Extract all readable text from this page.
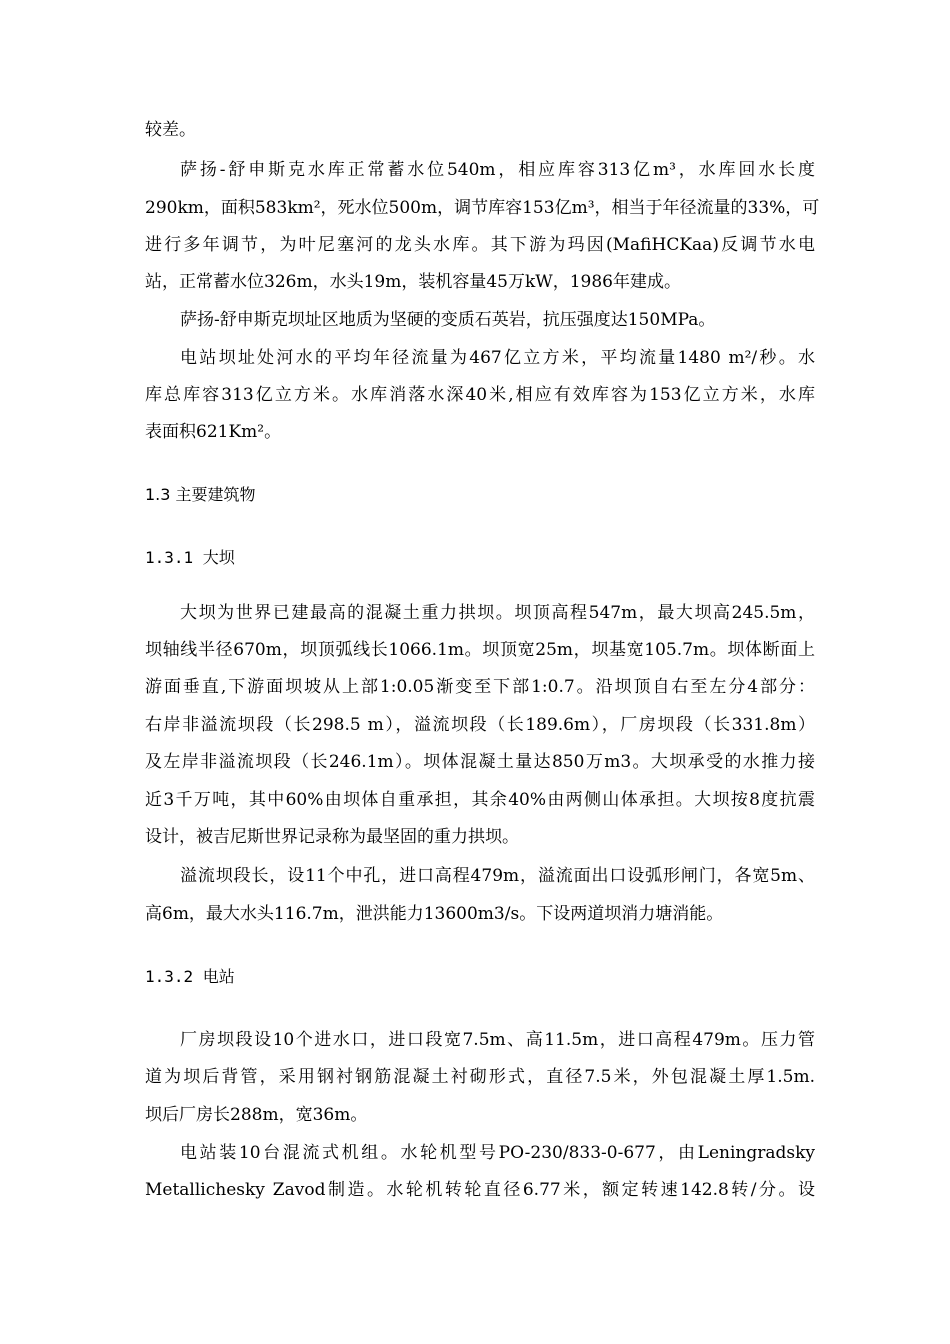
较差。
萨扬-舒申斯克水库正常蓄水位540m，相应库容313亿m³，水库回水长度
290km，面积583km²，死水位500m，调节库容153亿m³，相当于年径流量的33%，可
进行多年调节，为叶尼塞河的龙头水库。其下游为玛因(MafiHCKaa)反调节水电
站，正常蓄水位326m，水头19m，装机容量45万kW，1986年建成。
萨扬-舒申斯克坝址区地质为坚硬的变质石英岩，抗压强度达150MPa。
电站坝址处河水的平均年径流量为467亿立方米，平均流量1480 m²/秒。水
库总库容313亿立方米。水库消落水深40米,相应有效库容为153亿立方米，水库
表面积621Km²。
1.3 主要建筑物
1.3.1 大坝
大坝为世界已建最高的混凝土重力拱坝。坝顶高程547m，最大坝高245.5m，
坝轴线半径670m，坝顶弧线长1066.1m。坝顶宽25m，坝基宽105.7m。坝体断面上
游面垂直,下游面坝坡从上部1:0.05渐变至下部1:0.7。沿坝顶自右至左分4部分：
右岸非溢流坝段（长298.5 m），溢流坝段（长189.6m），厂房坝段（长331.8m）
及左岸非溢流坝段（长246.1m）。坝体混凝土量达850万m3。大坝承受的水推力接
近3千万吨，其中60%由坝体自重承担，其余40%由两侧山体承担。大坝按8度抗震
设计，被吉尼斯世界记录称为最坚固的重力拱坝。
溢流坝段长，设11个中孔，进口高程479m，溢流面出口设弧形闸门，各宽5m、
高6m，最大水头116.7m，泄洪能力13600m3/s。下设两道坝消力塘消能。
1.3.2 电站
厂房坝段设10个进水口，进口段宽7.5m、高11.5m，进口高程479m。压力管
道为坝后背管，采用钢衬钢筋混凝土衬砌形式，直径7.5米，外包混凝土厚1.5m.
坝后厂房长288m，宽36m。
电站装10台混流式机组。水轮机型号PO-230/833-0-677，由Leningradsky
Metallichesky Zavod制造。水轮机转轮直径6.77米，额定转速142.8转/分。设
